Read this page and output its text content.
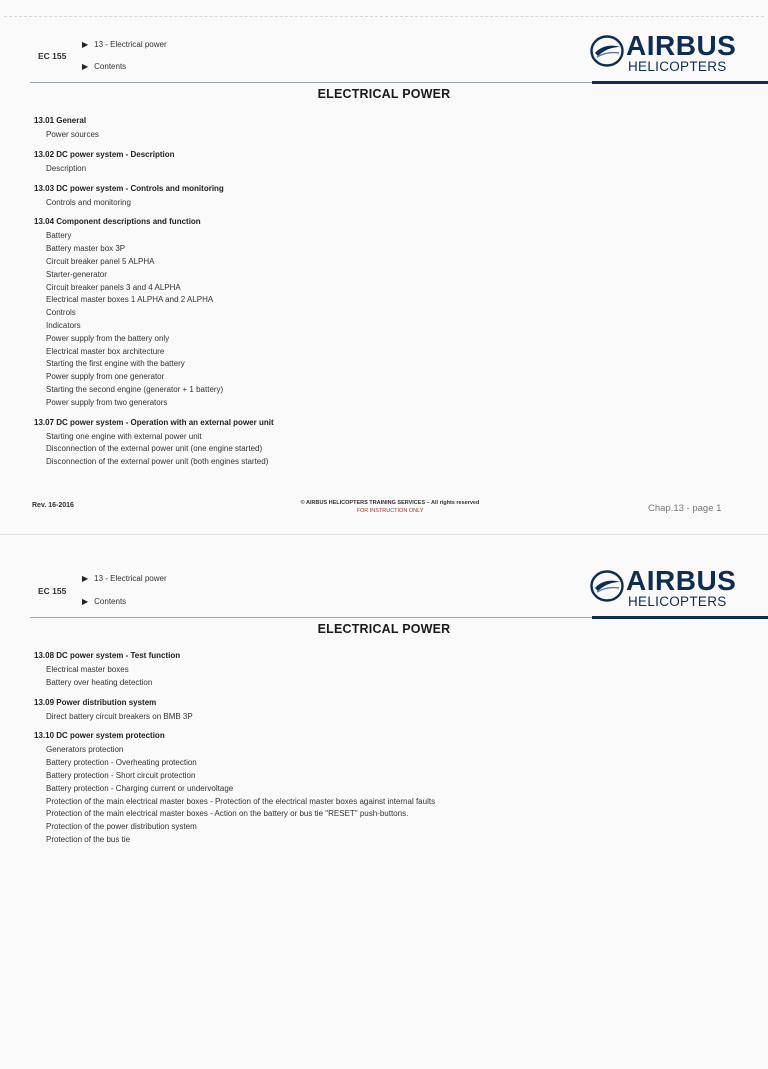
EC 155
▶ 13 - Electrical power
▶ Contents
AIRBUS
HELICOPTERS
ELECTRICAL POWER
13.01 General
Power sources
13.02 DC power system - Description
Description
13.03 DC power system - Controls and monitoring
Controls and monitoring
13.04 Component descriptions and function
Battery
Battery master box 3P
Circuit breaker panel 5 ALPHA
Starter-generator
Circuit breaker panels 3 and 4 ALPHA
Electrical master boxes 1 ALPHA and 2 ALPHA
Controls
Indicators
Power supply from the battery only
Electrical master box architecture
Starting the first engine with the battery
Power supply from one generator
Starting the second engine (generator + 1 battery)
Power supply from two generators
13.07 DC power system - Operation with an external power unit
Starting one engine with external power unit
Disconnection of the external power unit (one engine started)
Disconnection of the external power unit (both engines started)
Rev. 16-2016	© AIRBUS HELICOPTERS TRAINING SERVICES – All rights reserved
FOR INSTRUCTION ONLY	Chap.13 - page 1
EC 155
▶ 13 - Electrical power
▶ Contents
AIRBUS
HELICOPTERS
ELECTRICAL POWER
13.08 DC power system - Test function
Electrical master boxes
Battery over heating detection
13.09 Power distribution system
Direct battery circuit breakers on BMB 3P
13.10 DC power system protection
Generators protection
Battery protection - Overheating protection
Battery protection - Short circuit protection
Battery protection - Charging current or undervoltage
Protection of the main electrical master boxes - Protection of the electrical master boxes against internal faults
Protection of the main electrical master boxes - Action on the battery or bus tie "RESET" push-buttons.
Protection of the power distribution system
Protection of the bus tie
